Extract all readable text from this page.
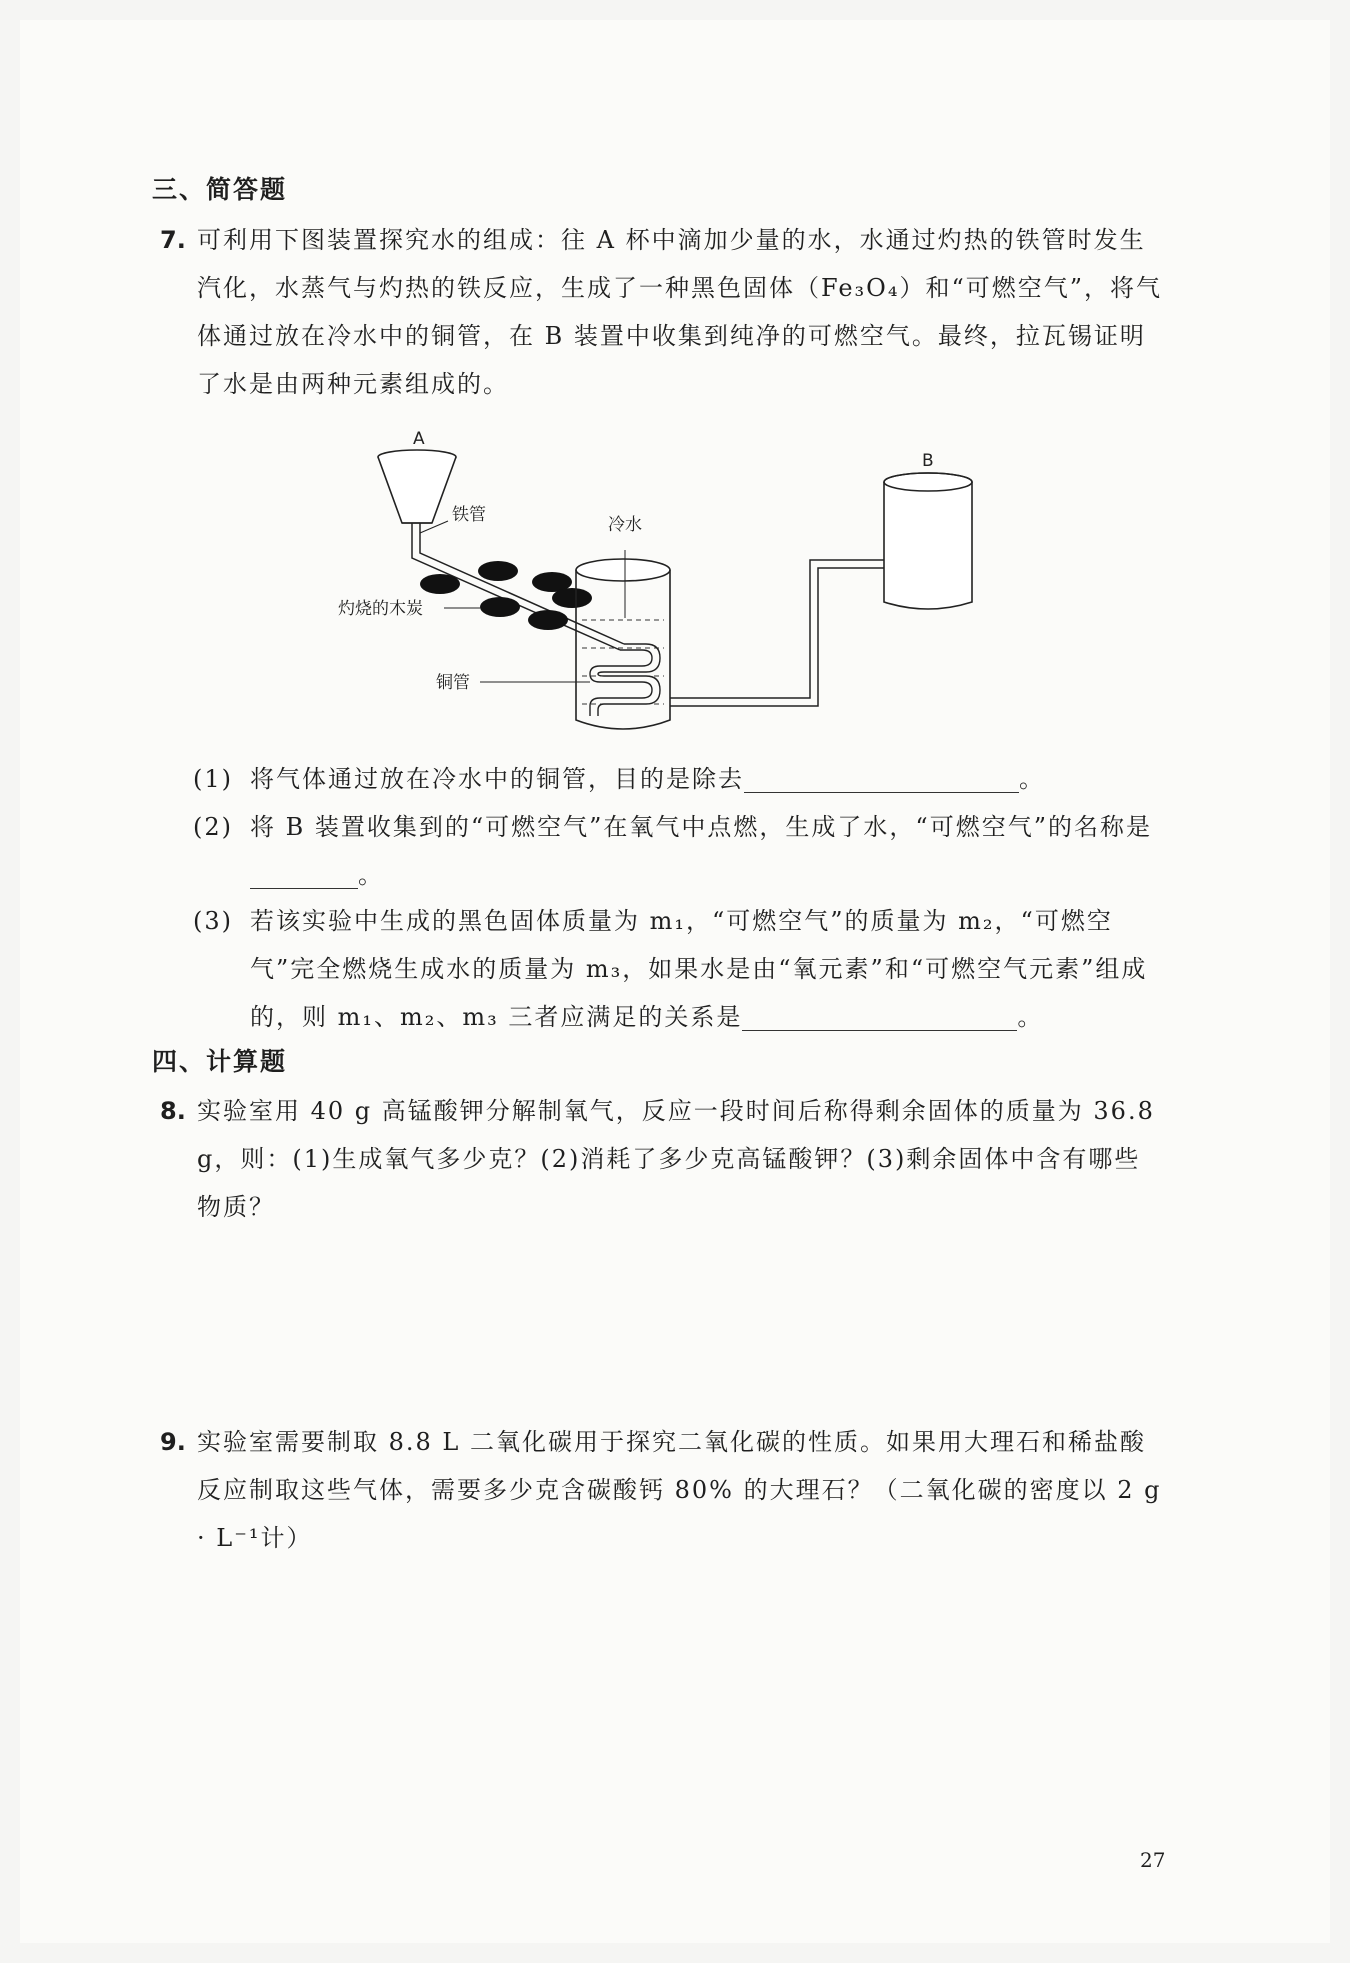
三、简答题
7. 可利用下图装置探究水的组成：往 A 杯中滴加少量的水，水通过灼热的铁管时发生汽化，水蒸气与灼热的铁反应，生成了一种黑色固体（Fe₃O₄）和“可燃空气”，将气体通过放在冷水中的铜管，在 B 装置中收集到纯净的可燃空气。最终，拉瓦锡证明了水是由两种元素组成的。

A
铁管
灼烧的木炭
冷水
铜管
B
(1) 将气体通过放在冷水中的铜管，目的是除去	。
(2) 将 B 装置收集到的“可燃空气”在氧气中点燃，生成了水，“可燃空气”的名称是。
(3) 若该实验中生成的黑色固体质量为 m₁，“可燃空气”的质量为 m₂，“可燃空气”完全燃烧生成水的质量为 m₃，如果水是由“氧元素”和“可燃空气元素”组成的，则 m₁、m₂、m₃ 三者应满足的关系是	。
四、计算题
8. 实验室用 40 g 高锰酸钾分解制氧气，反应一段时间后称得剩余固体的质量为 36.8 g，则：(1)生成氧气多少克？(2)消耗了多少克高锰酸钾？(3)剩余固体中含有哪些物质？

9. 实验室需要制取 8.8 L 二氧化碳用于探究二氧化碳的性质。如果用大理石和稀盐酸反应制取这些气体，需要多少克含碳酸钙 80% 的大理石？（二氧化碳的密度以 2 g · L⁻¹计）

27
